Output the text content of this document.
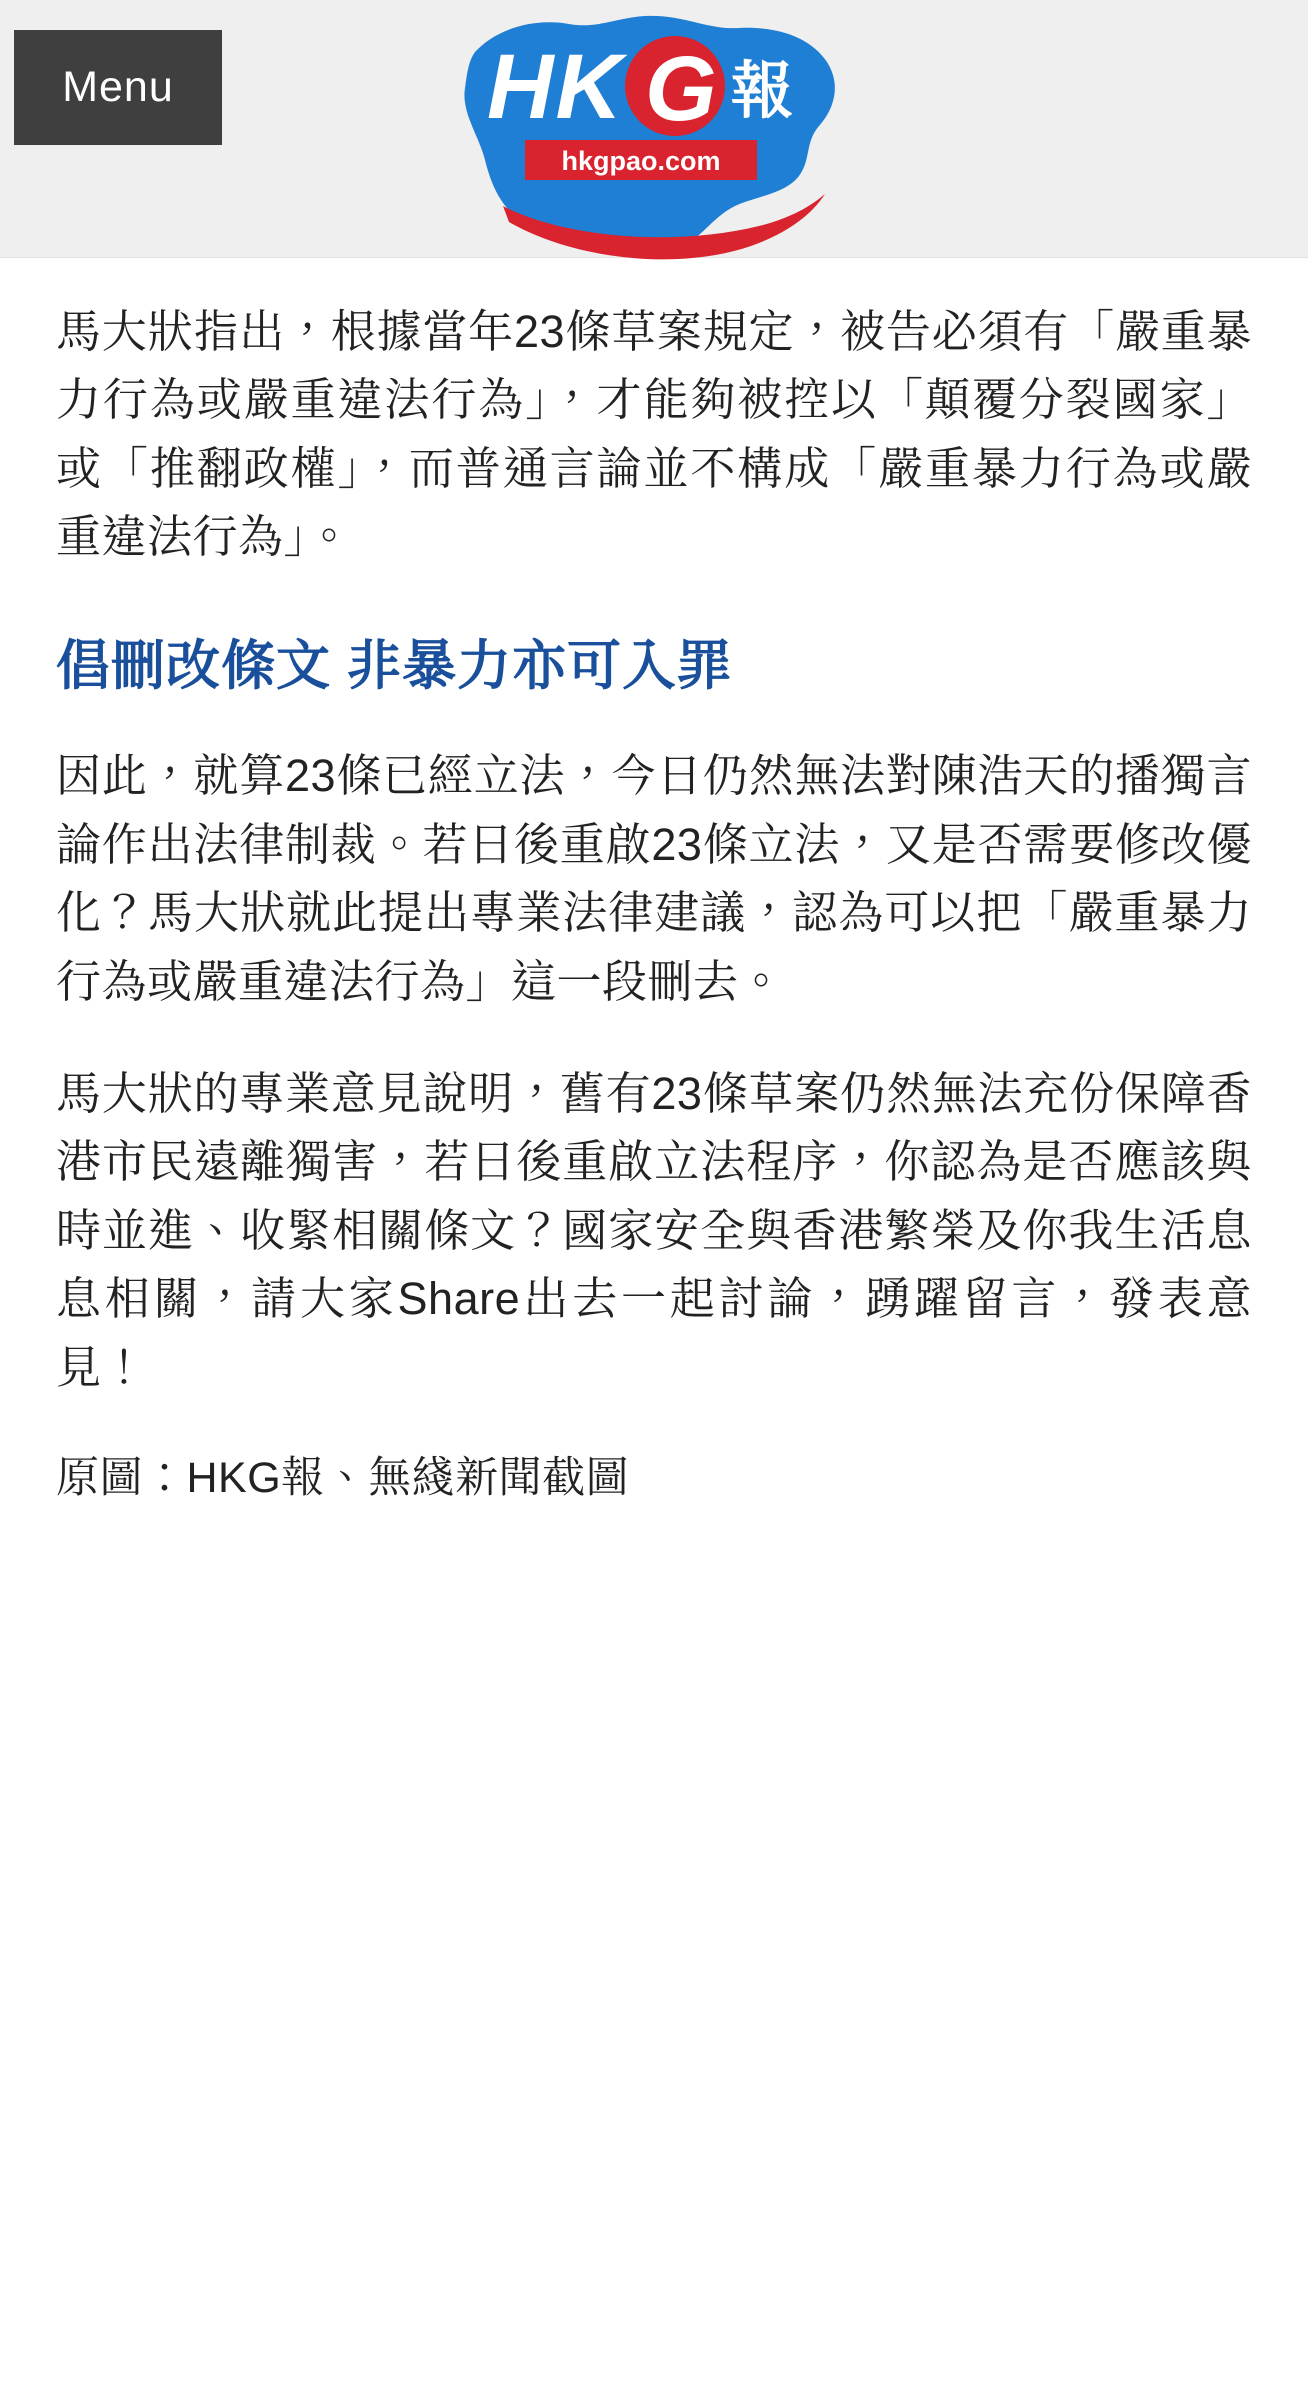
Menu	HK G 報
hkgpao.com

馬大狀指出，根據當年23條草案規定，被告必須有「嚴重暴力行為或嚴重違法行為」，才能夠被控以「顛覆分裂國家」或「推翻政權」，而普通言論並不構成「嚴重暴力行為或嚴重違法行為」。

倡刪改條文 非暴力亦可入罪

因此，就算23條已經立法，今日仍然無法對陳浩天的播獨言論作出法律制裁。若日後重啟23條立法，又是否需要修改優化？馬大狀就此提出專業法律建議，認為可以把「嚴重暴力行為或嚴重違法行為」這一段刪去。

馬大狀的專業意見說明，舊有23條草案仍然無法充份保障香港市民遠離獨害，若日後重啟立法程序，你認為是否應該與時並進、收緊相關條文？國家安全與香港繁榮及你我生活息息相關，請大家Share出去一起討論，踴躍留言，發表意見！

原圖：HKG報、無綫新聞截圖
